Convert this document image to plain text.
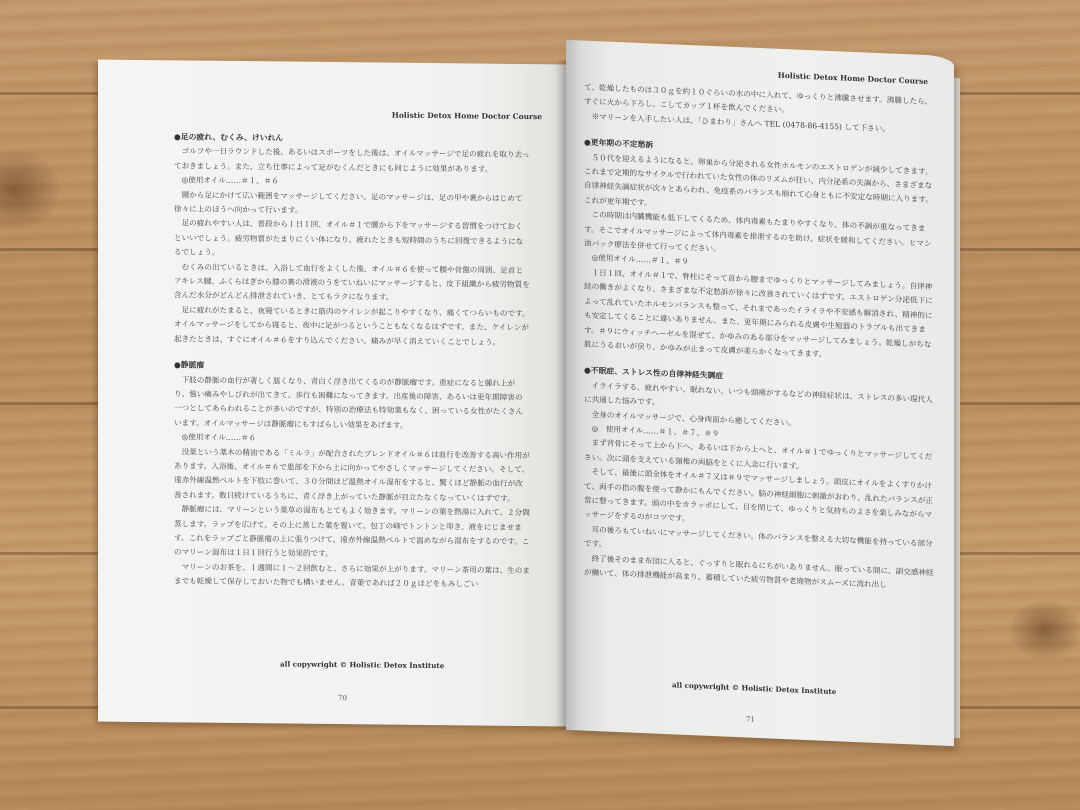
Holistic Detox Home Doctor Course

●足の疲れ、むくみ、けいれん

　ゴルフや一日ラウンドした後、あるいはスポーツをした後は、オイルマッサージで足の疲れを取り去っておきましょう。また、立ち仕事によって足がむくんだときにも同じように効果があります。

　◎使用オイル……＃１、＃６

　腰から足にかけて広い範囲をマッサージしてください。足のマッサージは、足の甲や裏からはじめて徐々に上のほうへ向かって行います。

　足の疲れやすい人は、普段から１日１回、オイル＃１で腰から下をマッサージする習慣をつけておくといいでしょう。疲労物質がたまりにくい体になり、疲れたときも短時間のうちに回復できるようになるでしょう。

　むくみの出ているときは、入浴して血行をよくした後、オイル＃６を使って腰や骨盤の周囲、足首とアキレス腱、ふくらはぎから膝の裏の滑液のうをていねいにマッサージすると、皮下組織から疲労物質を含んだ水分がどんどん排泄されていき、とてもラクになります。

　足に疲れがたまると、夜寝ているときに筋肉のケイレンが起こりやすくなり、痛くてつらいものです。オイルマッサージをしてから寝ると、夜中に足がつるということもなくなるはずです。また、ケイレンが起きたときは、すぐにオイル＃６をすり込んでください。痛みが早く消えていくことでしょう。

●静脈瘤

　下肢の静脈の血行が著しく悪くなり、青白く浮き出てくるのが静脈瘤です。重症になると腫れ上がり、強い痛みやしびれが出てきて、歩行も困難になってきます。出産後の障害、あるいは更年期障害の一つとしてあらわれることが多いのですが、特別の治療法も特効薬もなく、困っている女性がたくさんいます。オイルマッサージは静脈瘤にもすばらしい効果をあげます。

　◎使用オイル……＃６

　没薬という薬木の精油である「ミルラ」が配合されたブレンドオイル＃６は血行を改善する高い作用があります。入浴後、オイル＃６で患部を下から上に向かってやさしくマッサージしてください。そして、遠赤外線温熱ベルトを下肢に巻いて、３０分間ほど温熱オイル湿布をすると、驚くほど静脈の血行が改善されます。数日続けているうちに、青く浮き上がっていた静脈が目立たなくなっていくはずです。

　静脈瘤には、マリーンという薬草の湿布もとてもよく効きます。マリーンの葉を熱湯に入れて、２分間蒸します。ラップを広げて、その上に蒸した葉を置いて、包丁の峰でトントンと叩き、液をにじませます。これをラップごと静脈瘤の上に張りつけて、遠赤外線温熱ベルトで温めながら湿布をするのです。このマリーン湿布は１日１回行うと効果的です。

　マリーンのお茶を、１週間に１〜２回飲むと、さらに効果が上がります。マリーン茶用の葉は、生のままでも乾燥して保存しておいた物でも構いません。青葉であれば２０ｇほどをもみしごい

all copywright © Holistic Detox Institute
70
Holistic Detox Home Doctor Course

て、乾燥したものは３０ｇを約１０ぐらいの水の中に入れて、ゆっくりと沸騰させます。沸騰したら、すぐに火から下ろし、こしてカップ１杯を飲んでください。

　※マリーンを入手したい人は、「ひまわり」さんへ TEL (0478-86-4155) して下さい。

●更年期の不定愁訴

　５０代を迎えるようになると、卵巣から分泌される女性ホルモンのエストロゲンが減少してきます。これまで定期的なサイクルで行われていた女性の体のリズムが狂い、内分泌系の失調から、さまざまな自律神経失調症状が次々とあらわれ、免疫系のバランスも崩れて心身ともに不安定な時期に入ります。これが更年期です。

　この時期は内臓機能も低下してくるため、体内毒素もたまりやすくなり、体の不調が重なってきます。そこでオイルマッサージによって体内毒素を排泄するのを助け、症状を緩和してください。ヒマシ油パック療法を併せて行ってください。

　◎使用オイル……＃１、＃９

　１日１回、オイル＃１で、脊柱にそって首から腰までゆっくりとマッサージしてみましょう。自律神経の働きがよくなり、さまざまな不定愁訴が徐々に改善されていくはずです。エストロゲン分泌低下によって乱れていたホルモンバランスも整って、それまであったイライラや不安感も解消され、精神的にも安定してくることに違いありません。また、更年期にみられる皮膚や生殖器のトラブルも出てきます。＃９にウィッチヘーゼルを混ぜて、かゆみのある部分をマッサージしてみましょう。乾燥しがちな肌にうるおいが戻り、かゆみが止まって皮膚が柔らかくなってきます。

●不眠症、ストレス性の自律神経失調症

　イライラする、疲れやすい、眠れない、いつも頭痛がするなどの神経症状は、ストレスの多い現代人に共通した悩みです。

　全身のオイルマッサージで、心身両面から癒してください。

　◎　使用オイル……＃１、＃７、＃９

　まず背骨にそって上から下へ、あるいは下から上へと、オイル＃１でゆっくりとマッサージしてください。次に頭を支えている頸椎の両脇をとくに入念に行います。

　そして、最後に頭全体をオイル＃７又は＃９でマッサージしましょう。頭皮にオイルをよくすりかけて、両手の指の腹を使って静かにもんでください。脳の神経細胞に刺激がおわり、乱れたバランスが正常に整ってきます。頭の中をカラッポにして、目を閉じて、ゆっくりと気持ちのよさを楽しみながらマッサージをするのがコツです。

　耳の後ろもていねいにマッサージしてください。体のバランスを整える大切な機能を持っている部分です。

　終了後そのまま布団に入ると、ぐっすりと眠れるにちがいありません。眠っている間に、副交感神経が働いて、体の排泄機能が高まり、蓄積していた疲労物質や老廃物がスムーズに流れ出し

all copywright © Holistic Detox Institute
71
